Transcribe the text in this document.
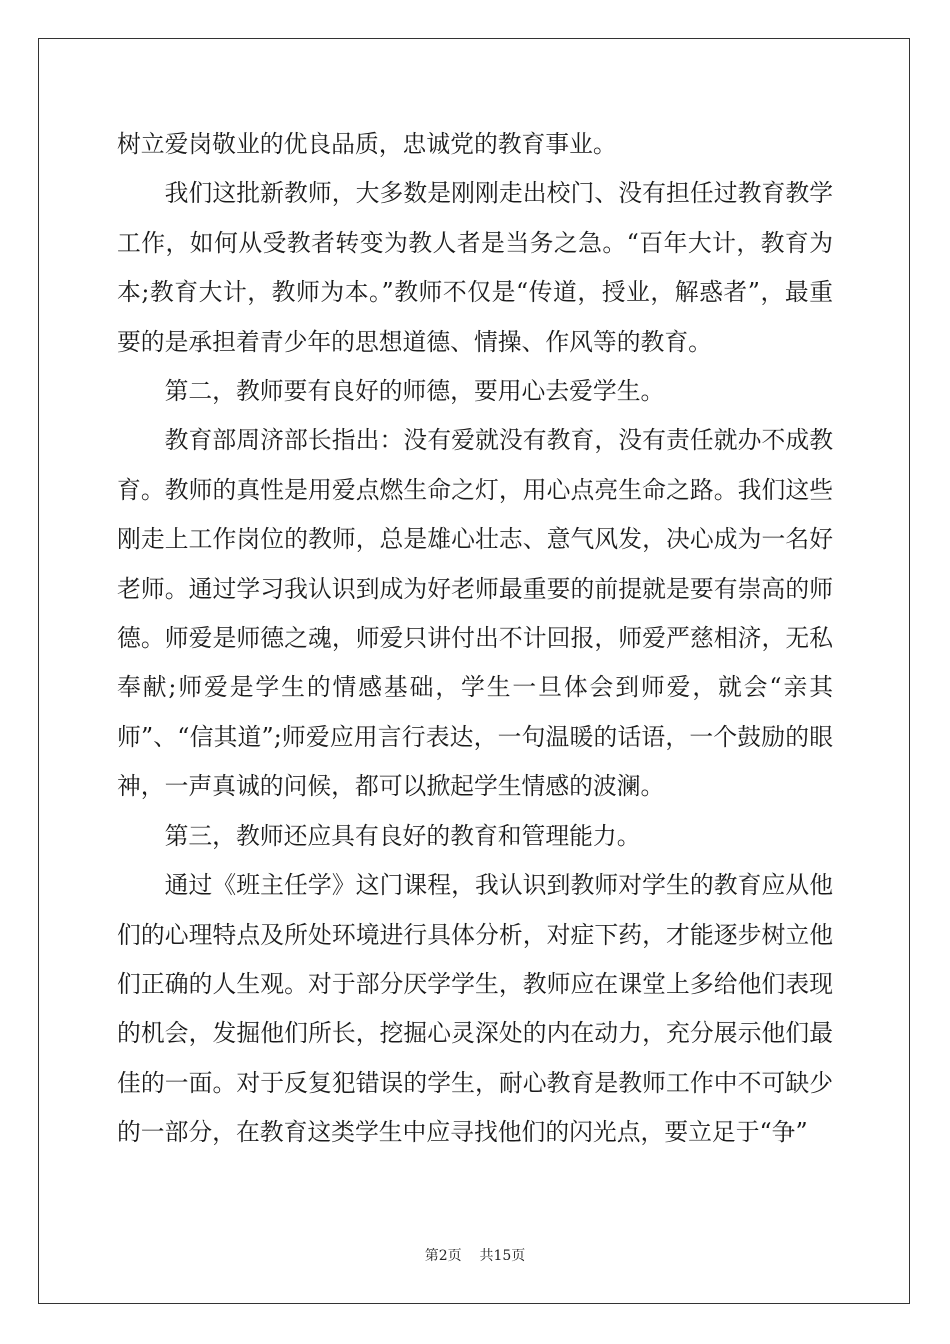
树立爱岗敬业的优良品质，忠诚党的教育事业。

我们这批新教师，大多数是刚刚走出校门、没有担任过教育教学工作，如何从受教者转变为教人者是当务之急。“百年大计，教育为本;教育大计，教师为本。”教师不仅是“传道，授业，解惑者”，最重要的是承担着青少年的思想道德、情操、作风等的教育。

第二，教师要有良好的师德，要用心去爱学生。

教育部周济部长指出：没有爱就没有教育，没有责任就办不成教育。教师的真性是用爱点燃生命之灯，用心点亮生命之路。我们这些刚走上工作岗位的教师，总是雄心壮志、意气风发，决心成为一名好老师。通过学习我认识到成为好老师最重要的前提就是要有崇高的师德。师爱是师德之魂，师爱只讲付出不计回报，师爱严慈相济，无私奉献;师爱是学生的情感基础，学生一旦体会到师爱，就会“亲其师”、“信其道”;师爱应用言行表达，一句温暖的话语，一个鼓励的眼神，一声真诚的问候，都可以掀起学生情感的波澜。

第三，教师还应具有良好的教育和管理能力。

通过《班主任学》这门课程，我认识到教师对学生的教育应从他们的心理特点及所处环境进行具体分析，对症下药，才能逐步树立他们正确的人生观。对于部分厌学学生，教师应在课堂上多给他们表现的机会，发掘他们所长，挖掘心灵深处的内在动力，充分展示他们最佳的一面。对于反复犯错误的学生，耐心教育是教师工作中不可缺少的一部分，在教育这类学生中应寻找他们的闪光点，要立足于“争”

第2页 共15页
